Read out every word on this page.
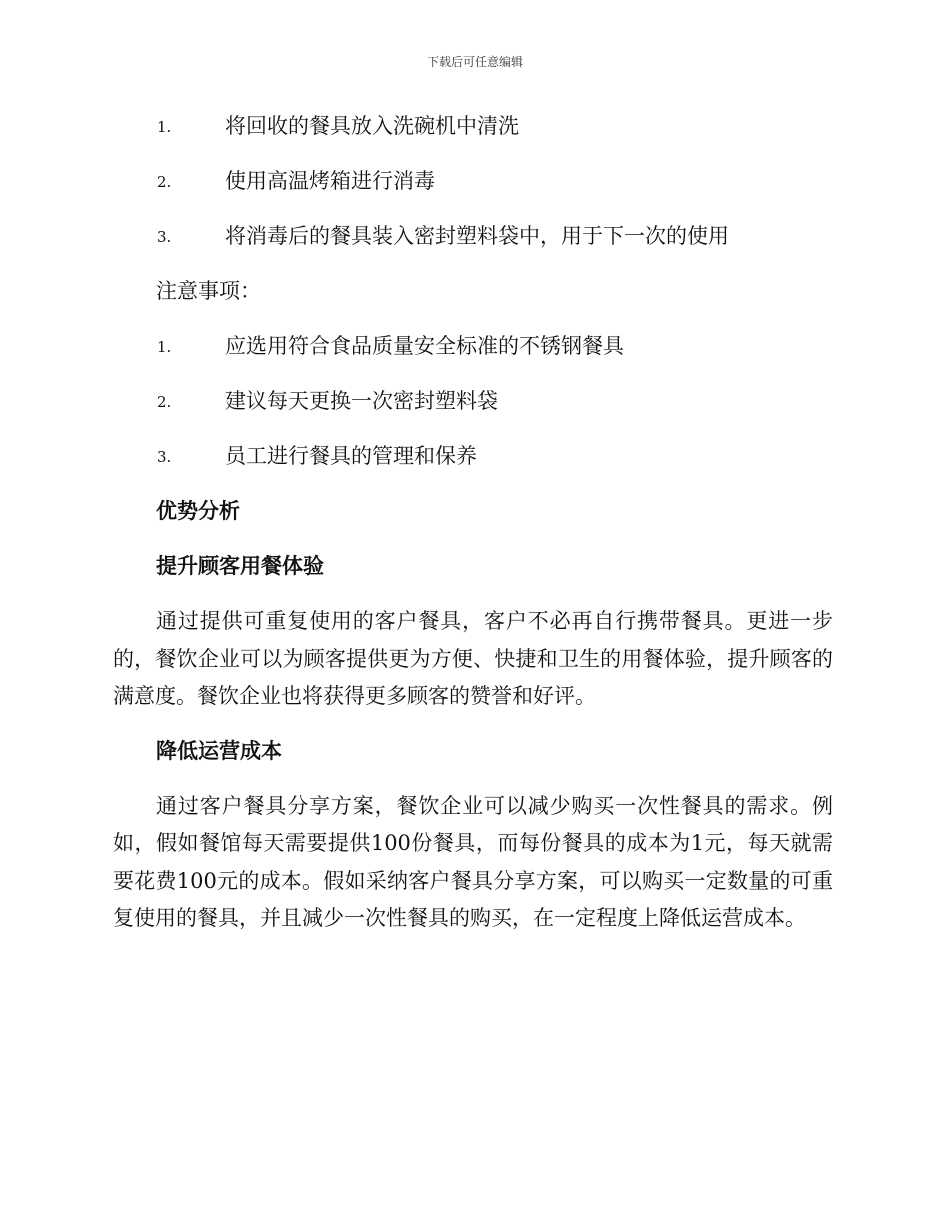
下载后可任意编辑
1.	将回收的餐具放入洗碗机中清洗
2.	使用高温烤箱进行消毒
3.	将消毒后的餐具装入密封塑料袋中，用于下一次的使用
注意事项：
1.	应选用符合食品质量安全标准的不锈钢餐具
2.	建议每天更换一次密封塑料袋
3.	员工进行餐具的管理和保养
优势分析
提升顾客用餐体验

通过提供可重复使用的客户餐具，客户不必再自行携带餐具。更进一步的，餐饮企业可以为顾客提供更为方便、快捷和卫生的用餐体验，提升顾客的满意度。餐饮企业也将获得更多顾客的赞誉和好评。

降低运营成本

通过客户餐具分享方案，餐饮企业可以减少购买一次性餐具的需求。例如，假如餐馆每天需要提供100份餐具，而每份餐具的成本为1元，每天就需要花费100元的成本。假如采纳客户餐具分享方案，可以购买一定数量的可重复使用的餐具，并且减少一次性餐具的购买，在一定程度上降低运营成本。
